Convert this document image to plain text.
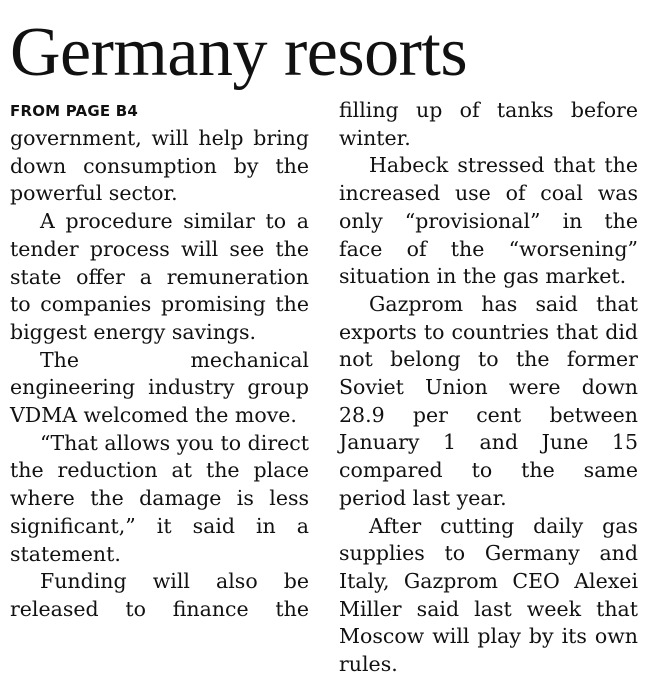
Germany resorts
FROM PAGE B4

government, will help bring down consumption by the powerful sector.

A procedure similar to a tender process will see the state offer a remuneration to companies promising the biggest energy savings.

The mechanical engineering industry group VDMA welcomed the move.

“That allows you to direct the reduction at the place where the damage is less significant,” it said in a statement.

Funding will also be released to finance the

filling up of tanks before winter.

Habeck stressed that the increased use of coal was only “provisional” in the face of the “worsening” situation in the gas market.

Gazprom has said that exports to countries that did not belong to the former Soviet Union were down 28.9 per cent between January 1 and June 15 compared to the same period last year.

After cutting daily gas supplies to Germany and Italy, Gazprom CEO Alexei Miller said last week that Moscow will play by its own rules.
